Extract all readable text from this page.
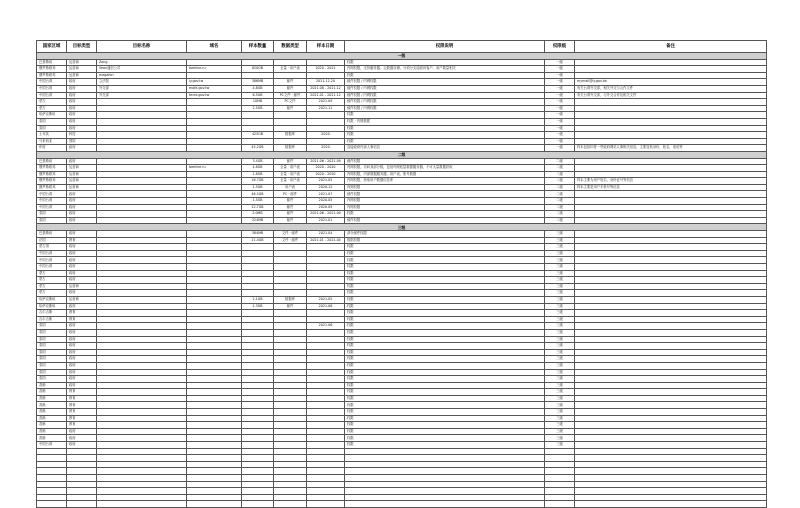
国家区域	目标类型	目标名称	域名	样本数量	数据类型	样本日期	权限说明	权限级	备注
一级									
巴基斯坦	运营商	Zong					权限	一级	
俄罗斯联邦	运营商	Veon通信公司	beeline.ru	820GB	全量 · 用户表	2020 - 2021	内网权限，支持服务器，云数据存储，分项分支局面向客户，用户数量相关	一级	
俄罗斯联邦	运营商	megafon					权限	一级	
中国台湾	政府	立法院	ly.gov.tw	386MB	邮件	2021.12.20	邮件权限 / 内网权限	一级	mymail@ly.gov.tw
中国台湾	政府	外交部	mofa.gov.tw	4.8GB	邮件	2021.08 - 2021.12	邮件权限 / 内网权限	一级	有关台湾外交部，相关外交与合作文件
中国台湾	政府	外交部	tecro.gov.tw	6.5GB	PC文件 · 邮件	2021.01 - 2021.12	邮件权限 / 内网权限	一级	有关台湾外交部，与外交合作及相关文件
蒙古	政府			10MB	PC文件	2021.09	邮件权限 / 内网权限	一级	
蒙古	政府			2.5GB	邮件	2021.11	邮件权限 / 内网权限	一级	
哈萨克斯坦	政府						权限	一级	
泰国	政府						权限 · 内网数据	一级	
泰国	政府						权限	一级	
土耳其	科技			425GB	数据库	2020	权限	一级	
马来西亚	国防						权限	一级	
印度	政府			45.2GB	数据库	2020	连接政府内部人事信息	一级	样本包括印度一些政府网站人事相关信息，主要包括身份，姓名，电话等
二级									
巴基斯坦	政府			3.4GB	邮件	2021.06 - 2021.09	邮件权限	二级	
俄罗斯联邦	运营商		beeline.ru	4.8GB	全量 · 用户表	2020 - 2020	内网权限，访问其部分数，包括内网底层数据服务器，不可大量数据获取	二级	
俄罗斯联邦	运营商			1.8GB	全量 · 用户表	2020 - 2020	内网权限，内部数据服务器，用户表，账号数据	二级	
俄罗斯联邦	运营商			16.7GB	全量 · 用户表	2021.05	内网权限，获取用户数据信息库	二级	样本主要为用户姓名，身份证号等信息
俄罗斯联邦	运营商			1.5GB	用户表	2020.12	内网权限	二级	样本主要是用户手机号等信息
中国台湾	政府			46.5GB	PC · 邮件	2021.07	邮件权限	二级	
中国台湾	政府			1.5GB	邮件	2020.05	内网权限	二级	
中国台湾	政府			12.7GB	邮件	2020.09	内网权限	二级	
泰国	政府			2.0MB	邮件	2021.06 - 2021.09	权限	二级	
泰国	政府			324MB	邮件	2021.01	邮件权限	二级	
三级									
巴基斯坦	政府			384MB	文件 · 邮件	2021.04	部分邮件权限	三级	
法国	教育			21.4GB	文件 · 邮件	2021.01 - 2021.04	数据权限	三级	
蒙古国	政府						权限	三级	
中国台湾	政府						权限	三级	
中国台湾	政府						权限	三级	
中国台湾	政府						权限	三级	
蒙古	政府						权限	三级	
蒙古	政府						权限	三级	
蒙古	运营商						权限	三级	
蒙古	政府						权限	三级	
哈萨克斯坦	运营商			2.1GB	数据库	2021.05	权限	三级	
哈萨克斯坦	政府			1.3GB	邮件	2021.06	权限	三级	
吉尔吉斯	教育						权限	三级	
吉尔吉斯	教育						权限	三级	
泰国	政府					2021.06	权限	三级	
泰国	政府						权限	三级	
泰国	政府						权限	三级	
泰国	政府						权限	三级	
泰国	政府						权限	三级	
泰国	政府						权限	三级	
泰国	政府						权限	三级	
泰国	政府						权限	三级	
泰国	政府						权限	三级	
香港	政府						权限	三级	
香港	教育						权限	三级	
香港	教育						权限	三级	
香港	教育						权限	三级	
香港	教育						权限	三级	
香港	教育						权限	三级	
香港	教育						权限	三级	
香港	政府						权限	三级	
香港	政府						权限	三级	
中国台湾	政府						权限	三级	
